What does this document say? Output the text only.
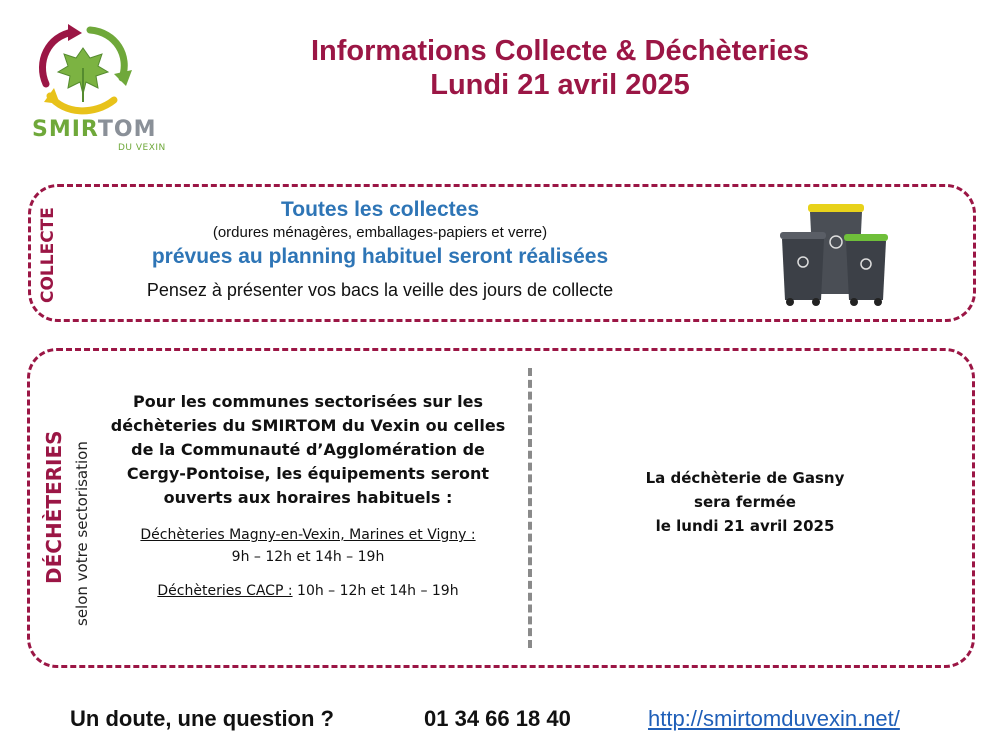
SMIRTOM
DU VEXIN
Informations Collecte & Déchèteries
Lundi 21 avril 2025
COLLECTE	Toutes les collectes
(ordures ménagères, emballages-papiers et verre)
prévues au planning habituel seront réalisées
Pensez à présenter vos bacs la veille des jours de collecte
DÉCHÈTERIES selon votre sectorisation
Pour les communes sectorisées sur les déchèteries du SMIRTOM du Vexin ou celles de la Communauté d’Agglomération de Cergy-Pontoise, les équipements seront ouverts aux horaires habituels :
Déchèteries Magny-en-Vexin, Marines et Vigny :
9h – 12h et 14h – 19h
Déchèteries CACP : 10h – 12h et 14h – 19h
La déchèterie de Gasny
sera fermée
le lundi 21 avril 2025
Un doute, une question ?	01 34 66 18 40	http://smirtomduvexin.net/
